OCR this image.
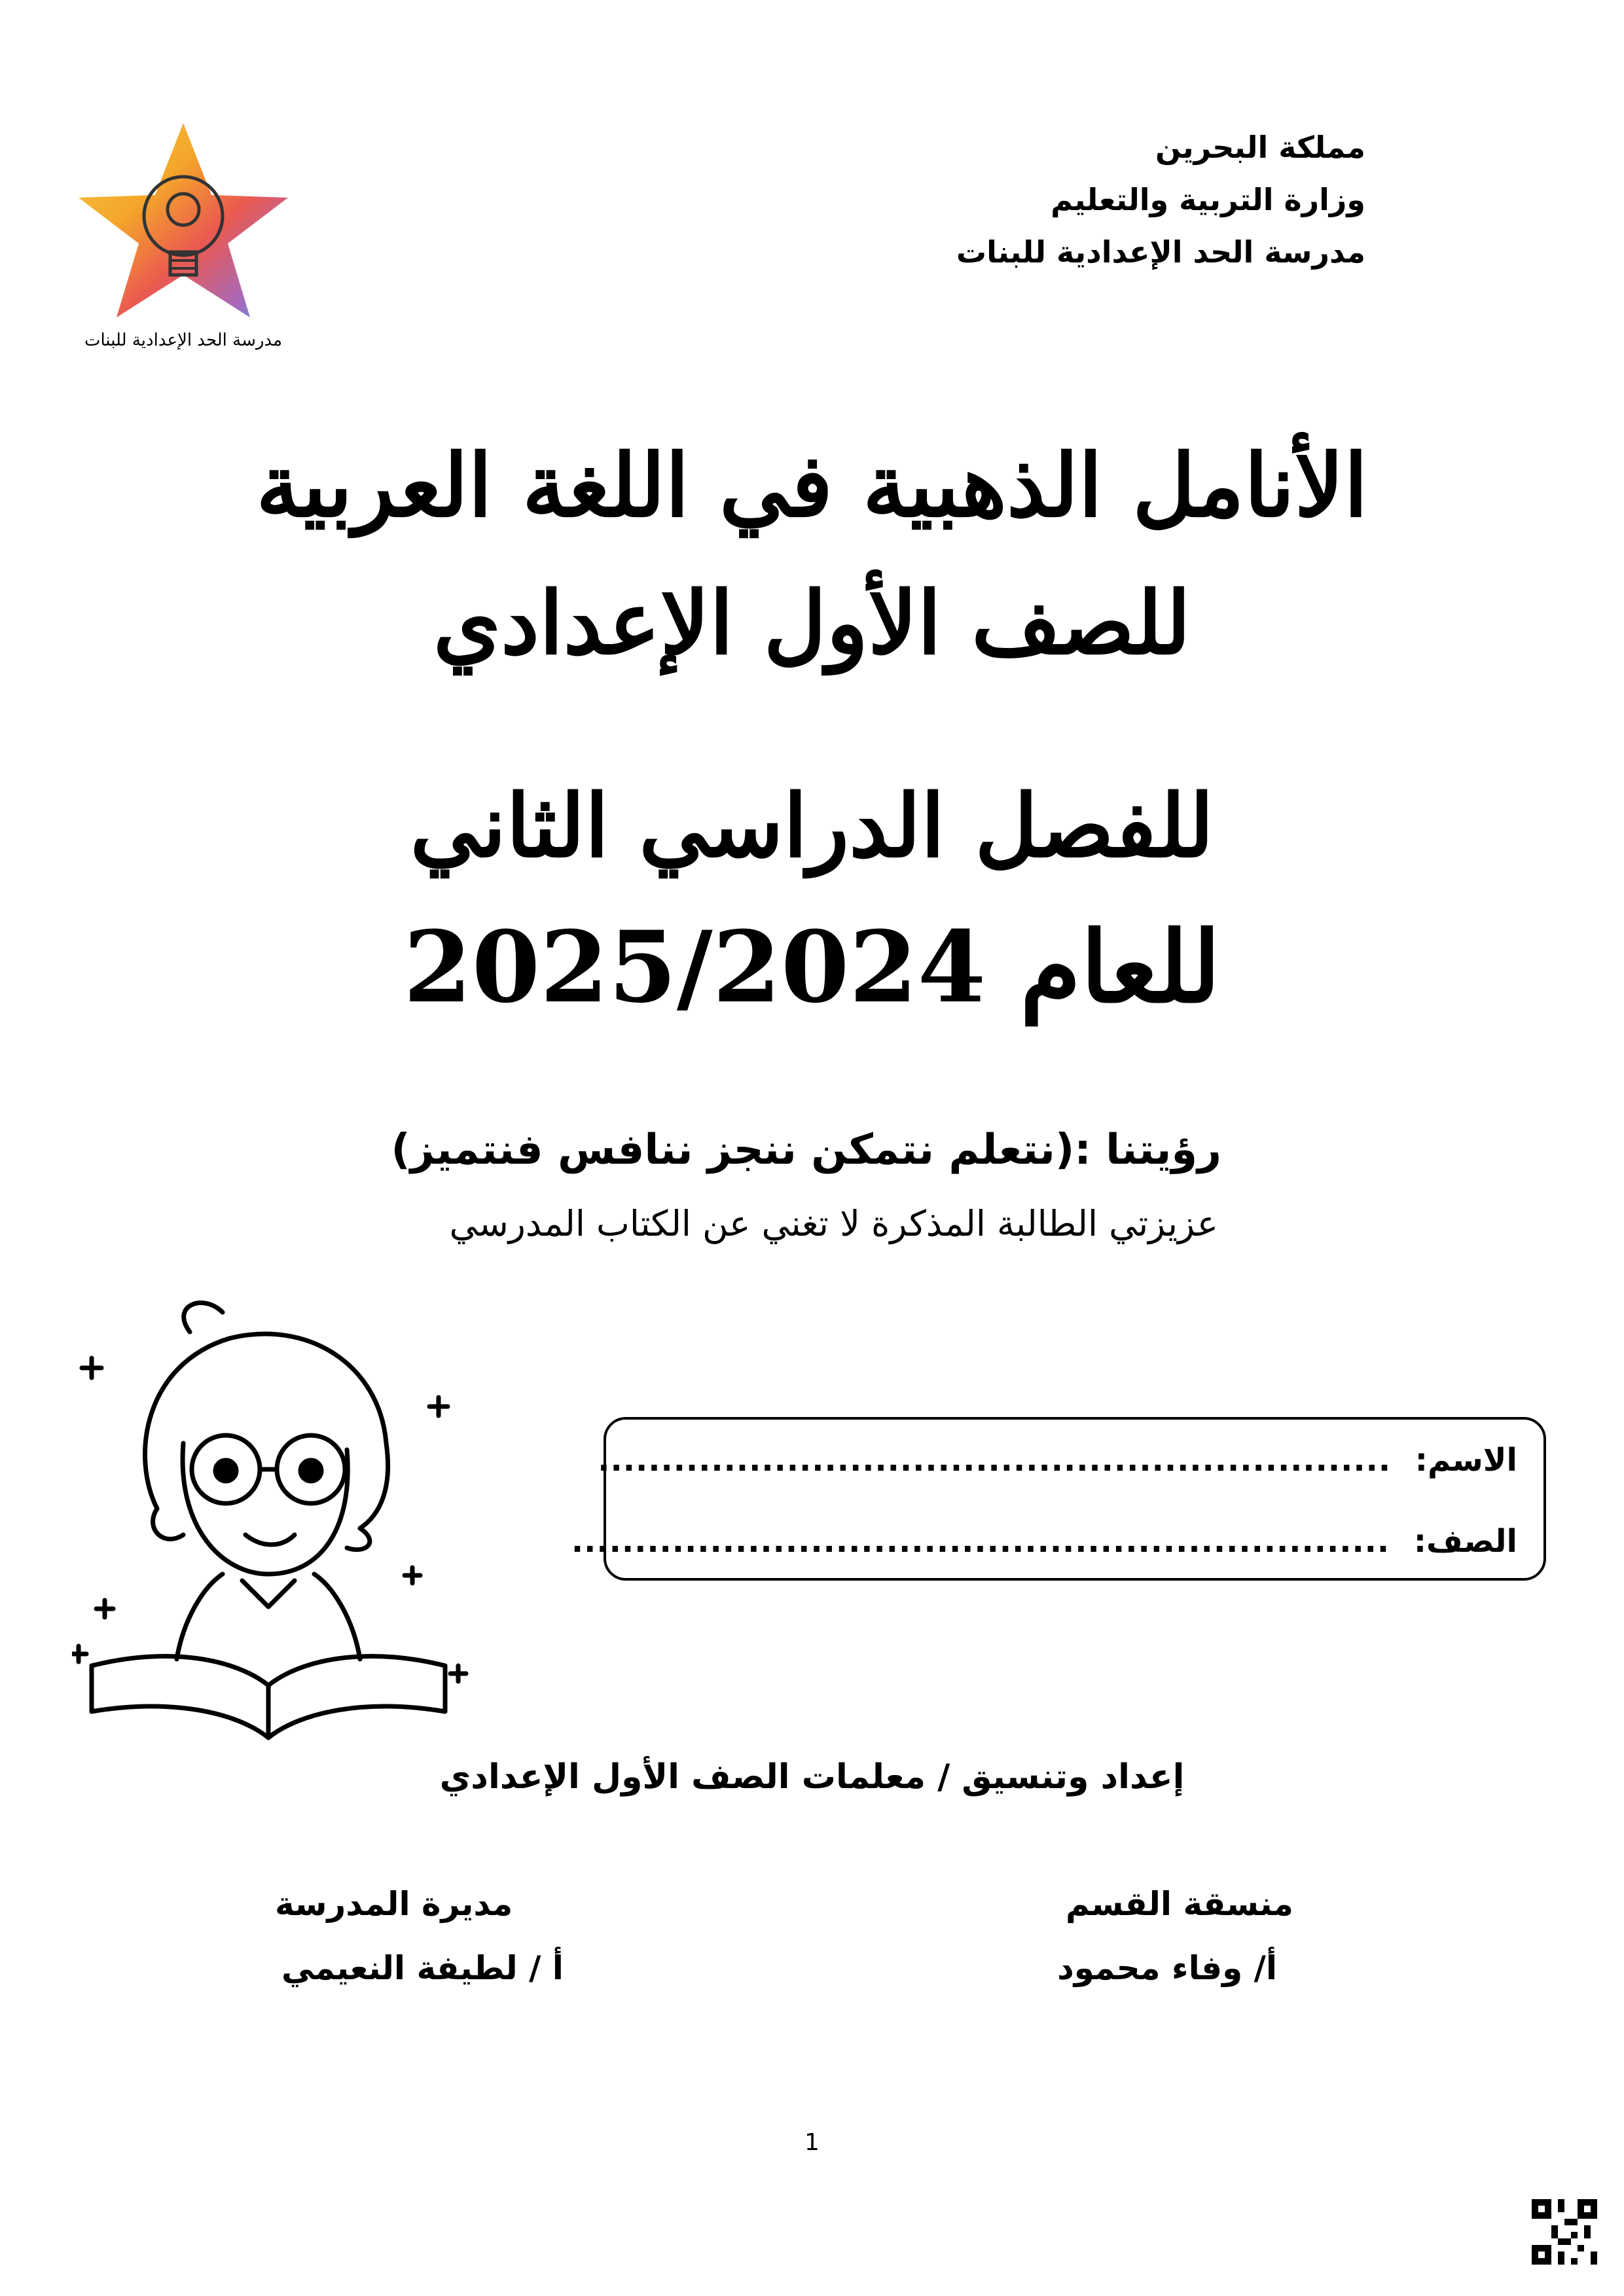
مملكة البحرين
وزارة التربية والتعليم
مدرسة الحد الإعدادية للبنات
مدرسة الحد الإعدادية للبنات
الأنامل الذهبية في اللغة العربية
للصف الأول الإعدادي
للفصل الدراسي الثاني
للعام 2025/2024
رؤيتنا :(نتعلم نتمكن ننجز ننافس فنتميز)
عزيزتي الطالبة المذكرة لا تغني عن الكتاب المدرسي
الاسم: ...............................................................
الصف: .................................................................
إعداد وتنسيق / معلمات الصف الأول الإعدادي
منسقة القسم
أ/ وفاء محمود
مديرة المدرسة
أ / لطيفة النعيمي
1
